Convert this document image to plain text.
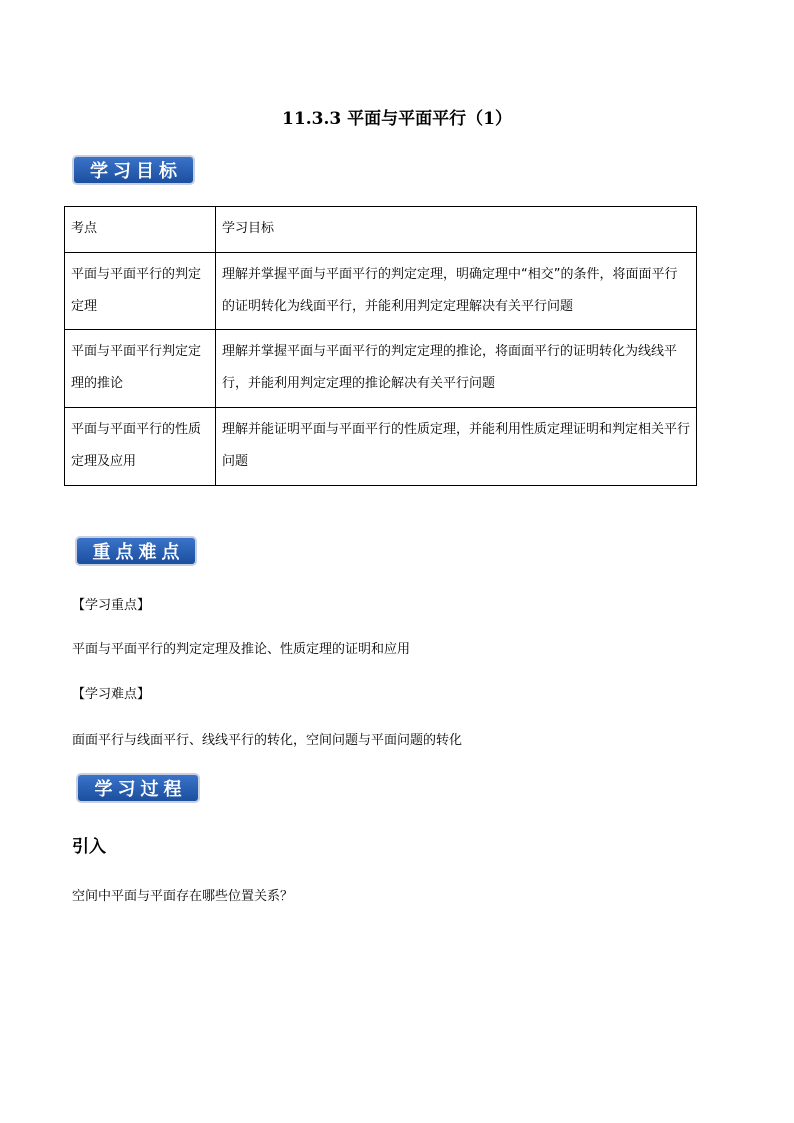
11.3.3 平面与平面平行（1）
学习目标
考点	学习目标
平面与平面平行的判定定理	理解并掌握平面与平面平行的判定定理，明确定理中“相交”的条件，将面面平行的证明转化为线面平行，并能利用判定定理解决有关平行问题
平面与平面平行判定定理的推论	理解并掌握平面与平面平行的判定定理的推论，将面面平行的证明转化为线线平行，并能利用判定定理的推论解决有关平行问题
平面与平面平行的性质定理及应用	理解并能证明平面与平面平行的性质定理，并能利用性质定理证明和判定相关平行问题
重点难点
【学习重点】
平面与平面平行的判定定理及推论、性质定理的证明和应用
【学习难点】
面面平行与线面平行、线线平行的转化，空间问题与平面问题的转化
学习过程
引入
空间中平面与平面存在哪些位置关系？
